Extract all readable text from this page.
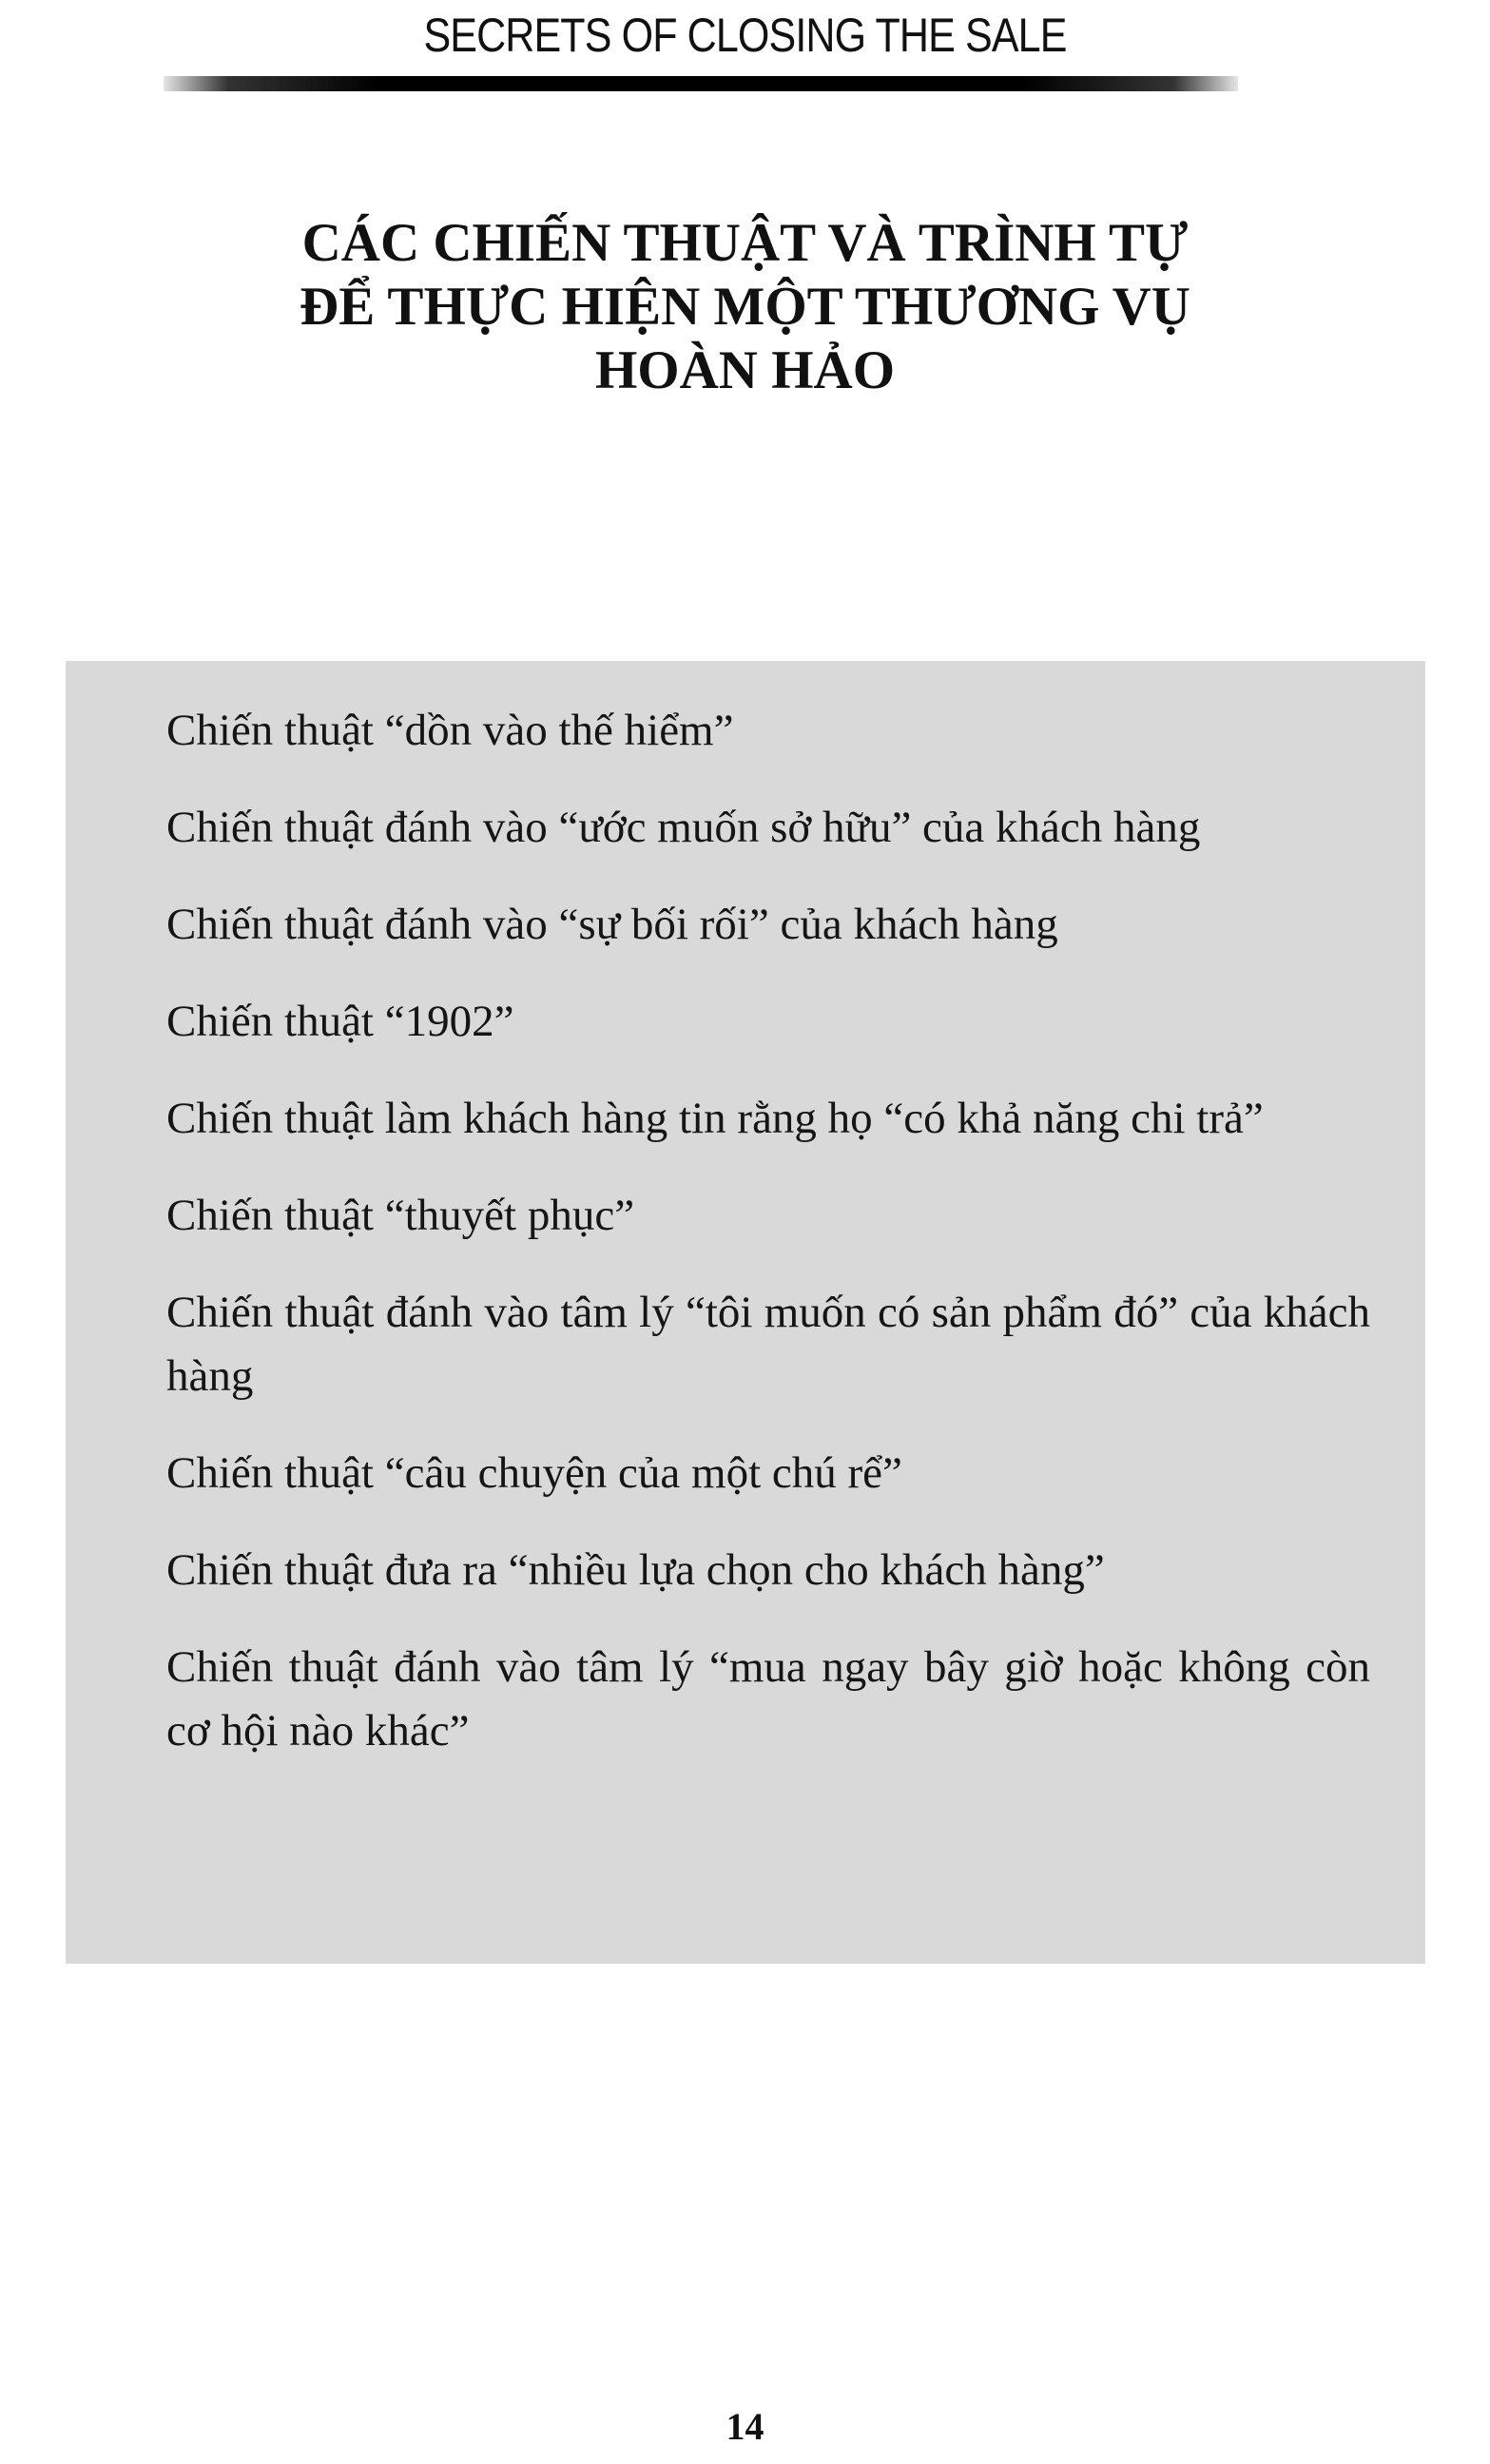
SECRETS OF CLOSING THE SALE
CÁC CHIẾN THUẬT VÀ TRÌNH TỰ
ĐỂ THỰC HIỆN MỘT THƯƠNG VỤ
HOÀN HẢO
Chiến thuật “dồn vào thế hiểm”
Chiến thuật đánh vào “ước muốn sở hữu” của khách hàng
Chiến thuật đánh vào “sự bối rối” của khách hàng
Chiến thuật “1902”
Chiến thuật làm khách hàng tin rằng họ “có khả năng chi trả”
Chiến thuật “thuyết phục”
Chiến thuật đánh vào tâm lý “tôi muốn có sản phẩm đó” của khách hàng
Chiến thuật “câu chuyện của một chú rể”
Chiến thuật đưa ra “nhiều lựa chọn cho khách hàng”
Chiến thuật đánh vào tâm lý “mua ngay bây giờ hoặc không còn cơ hội nào khác”
14
